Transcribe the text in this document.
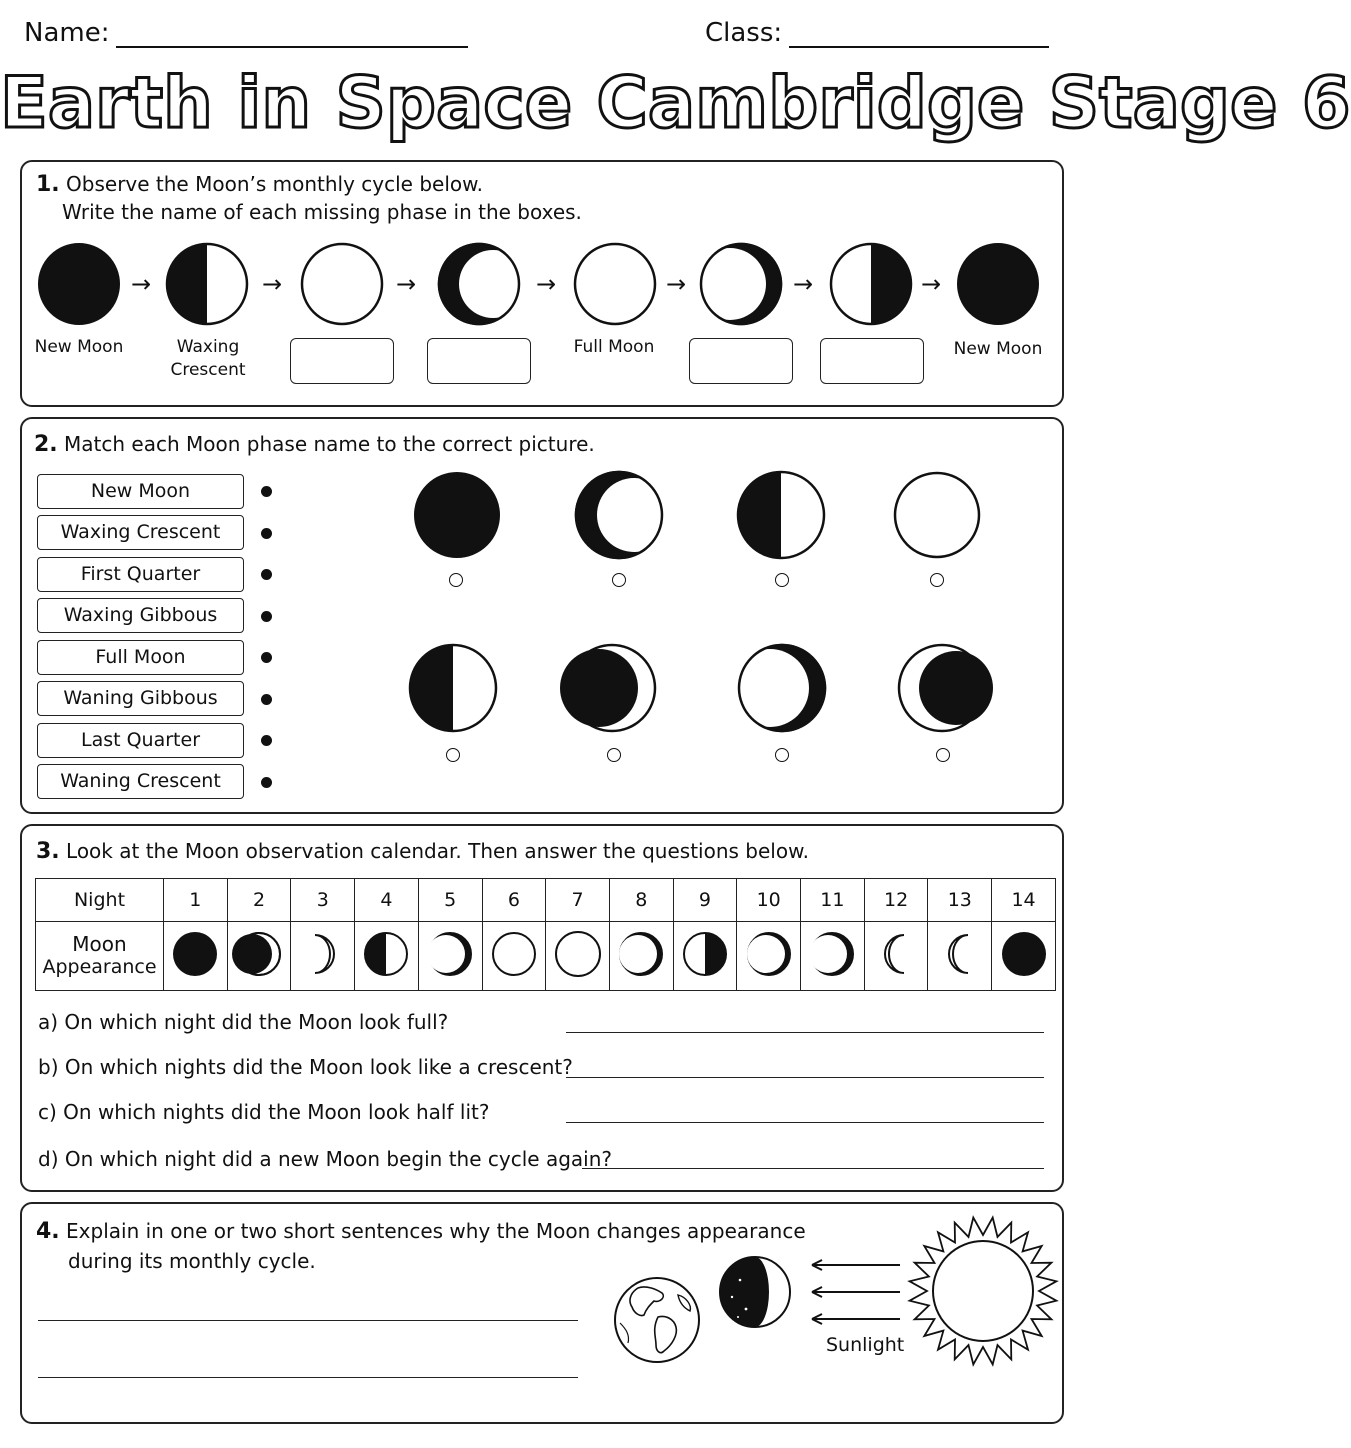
Name:	Class:
Earth in Space Cambridge Stage 6
1. Observe the Moon’s monthly cycle below.
Write the name of each missing phase in the boxes.
→	→	→	→	→	→	→
New Moon	Waxing
Crescent
Full Moon	New Moon
2. Match each Moon phase name to the correct picture.
New Moon
Waxing Crescent
First Quarter
Waxing Gibbous
Full Moon
Waning Gibbous
Last Quarter
Waning Crescent
3. Look at the Moon observation calendar. Then answer the questions below.
Night	1	2	3	4	5	6	7	8	9	10	11	12	13	14

Moon
Appearance

a) On which night did the Moon look full?
b) On which nights did the Moon look like a crescent?
c) On which nights did the Moon look half lit?
d) On which night did a new Moon begin the cycle again?
4. Explain in one or two short sentences why the Moon changes appearance
during its monthly cycle.
Sunlight
